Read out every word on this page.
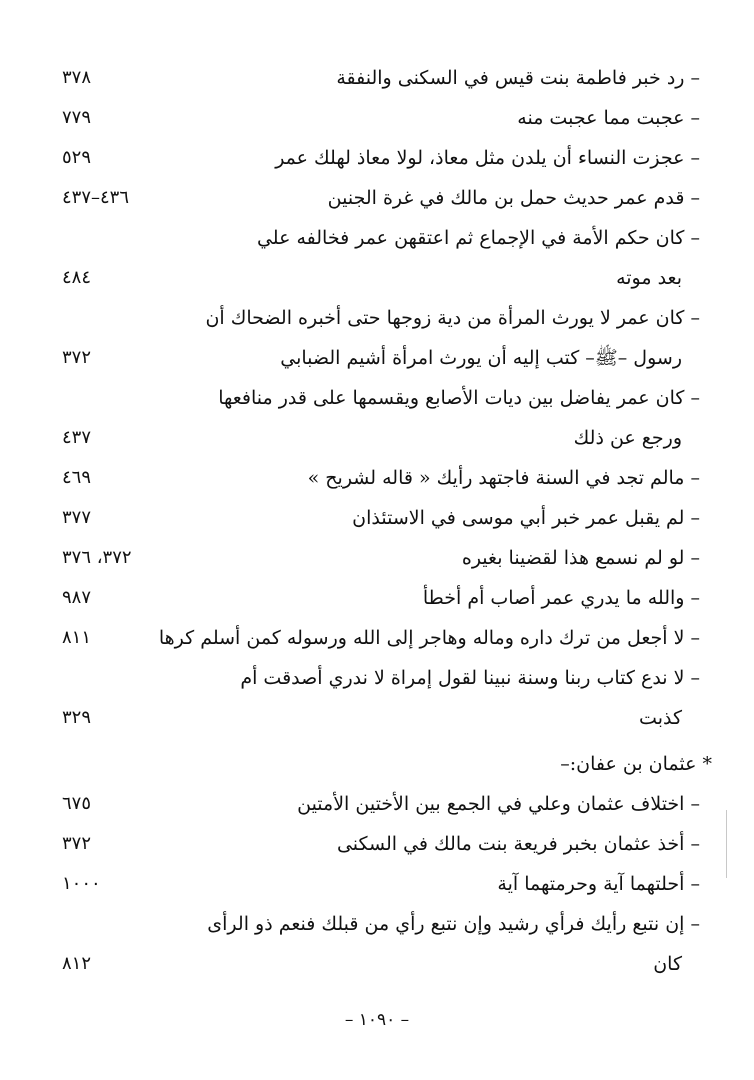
– رد خبر فاطمة بنت قيس في السكنى والنفقة
٣٧٨
– عجبت مما عجبت منه
٧٧٩
– عجزت النساء أن يلدن مثل معاذ، لولا معاذ لهلك عمر
٥٢٩
– قدم عمر حديث حمل بن مالك في غرة الجنين
٤٣٦–٤٣٧
– كان حكم الأمة في الإجماع ثم اعتقهن عمر فخالفه علي
بعد موته
٤٨٤
– كان عمر لا يورث المرأة من دية زوجها حتى أخبره الضحاك أن
رسول –ﷺ– كتب إليه أن يورث امرأة أشيم الضبابي
٣٧٢
– كان عمر يفاضل بين ديات الأصابع ويقسمها على قدر منافعها
ورجع عن ذلك
٤٣٧
– مالم تجد في السنة فاجتهد رأيك « قاله لشريح »
٤٦٩
– لم يقبل عمر خبر أبي موسى في الاستئذان
٣٧٧
– لو لم نسمع هذا لقضينا بغيره
٣٧٢، ٣٧٦
– والله ما يدري عمر أصاب أم أخطأ
٩٨٧
– لا أجعل من ترك داره وماله وهاجر إلى الله ورسوله كمن أسلم كرها
٨١١
– لا ندع كتاب ربنا وسنة نبينا لقول إمراة لا ندري أصدقت أم
كذبت
٣٢٩
* عثمان بن عفان:–
– اختلاف عثمان وعلي في الجمع بين الأختين الأمتين
٦٧٥
– أخذ عثمان بخبر فريعة بنت مالك في السكنى
٣٧٢
– أحلتهما آية وحرمتهما آية
١٠٠٠
– إن نتبع رأيك فرأي رشيد وإن نتبع رأي من قبلك فنعم ذو الرأى
كان
٨١٢
– ١٠٩٠ –
